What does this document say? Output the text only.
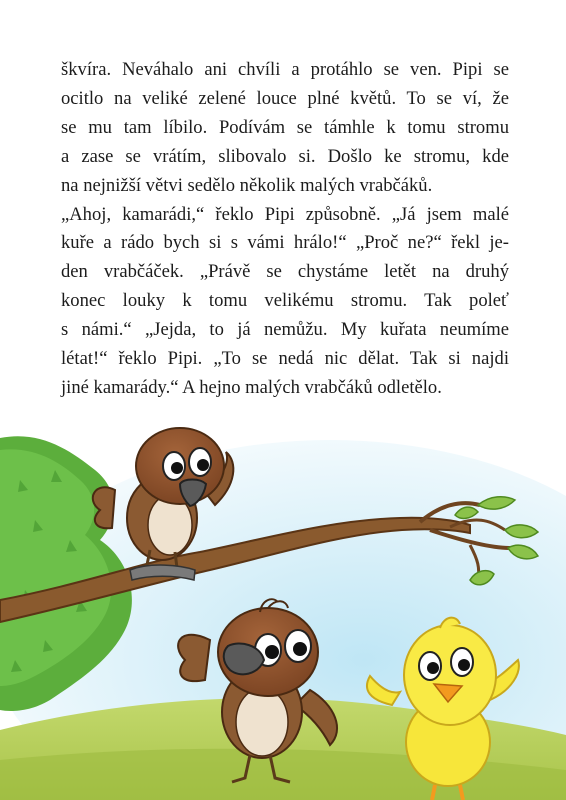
škvíra. Neváhalo ani chvíli a protáhlo se ven. Pipi se
ocitlo na veliké zelené louce plné květů. To se ví, že
se mu tam líbilo. Podívám se támhle k tomu stromu
a zase se vrátím, slibovalo si. Došlo ke stromu, kde
na nejnižší větvi sedělo několik malých vrabčáků.
„Ahoj, kamarádi,“ řeklo Pipi způsobně. „Já jsem malé
kuře a rádo bych si s vámi hrálo!“ „Proč ne?“ řekl je-
den vrabčáček. „Právě se chystáme letět na druhý
konec louky k tomu velikému stromu. Tak poleť
s námi.“ „Jejda, to já nemůžu. My kuřata neumíme
létat!“ řeklo Pipi. „To se nedá nic dělat. Tak si najdi
jiné kamarády.“ A hejno malých vrabčáků odletělo.
